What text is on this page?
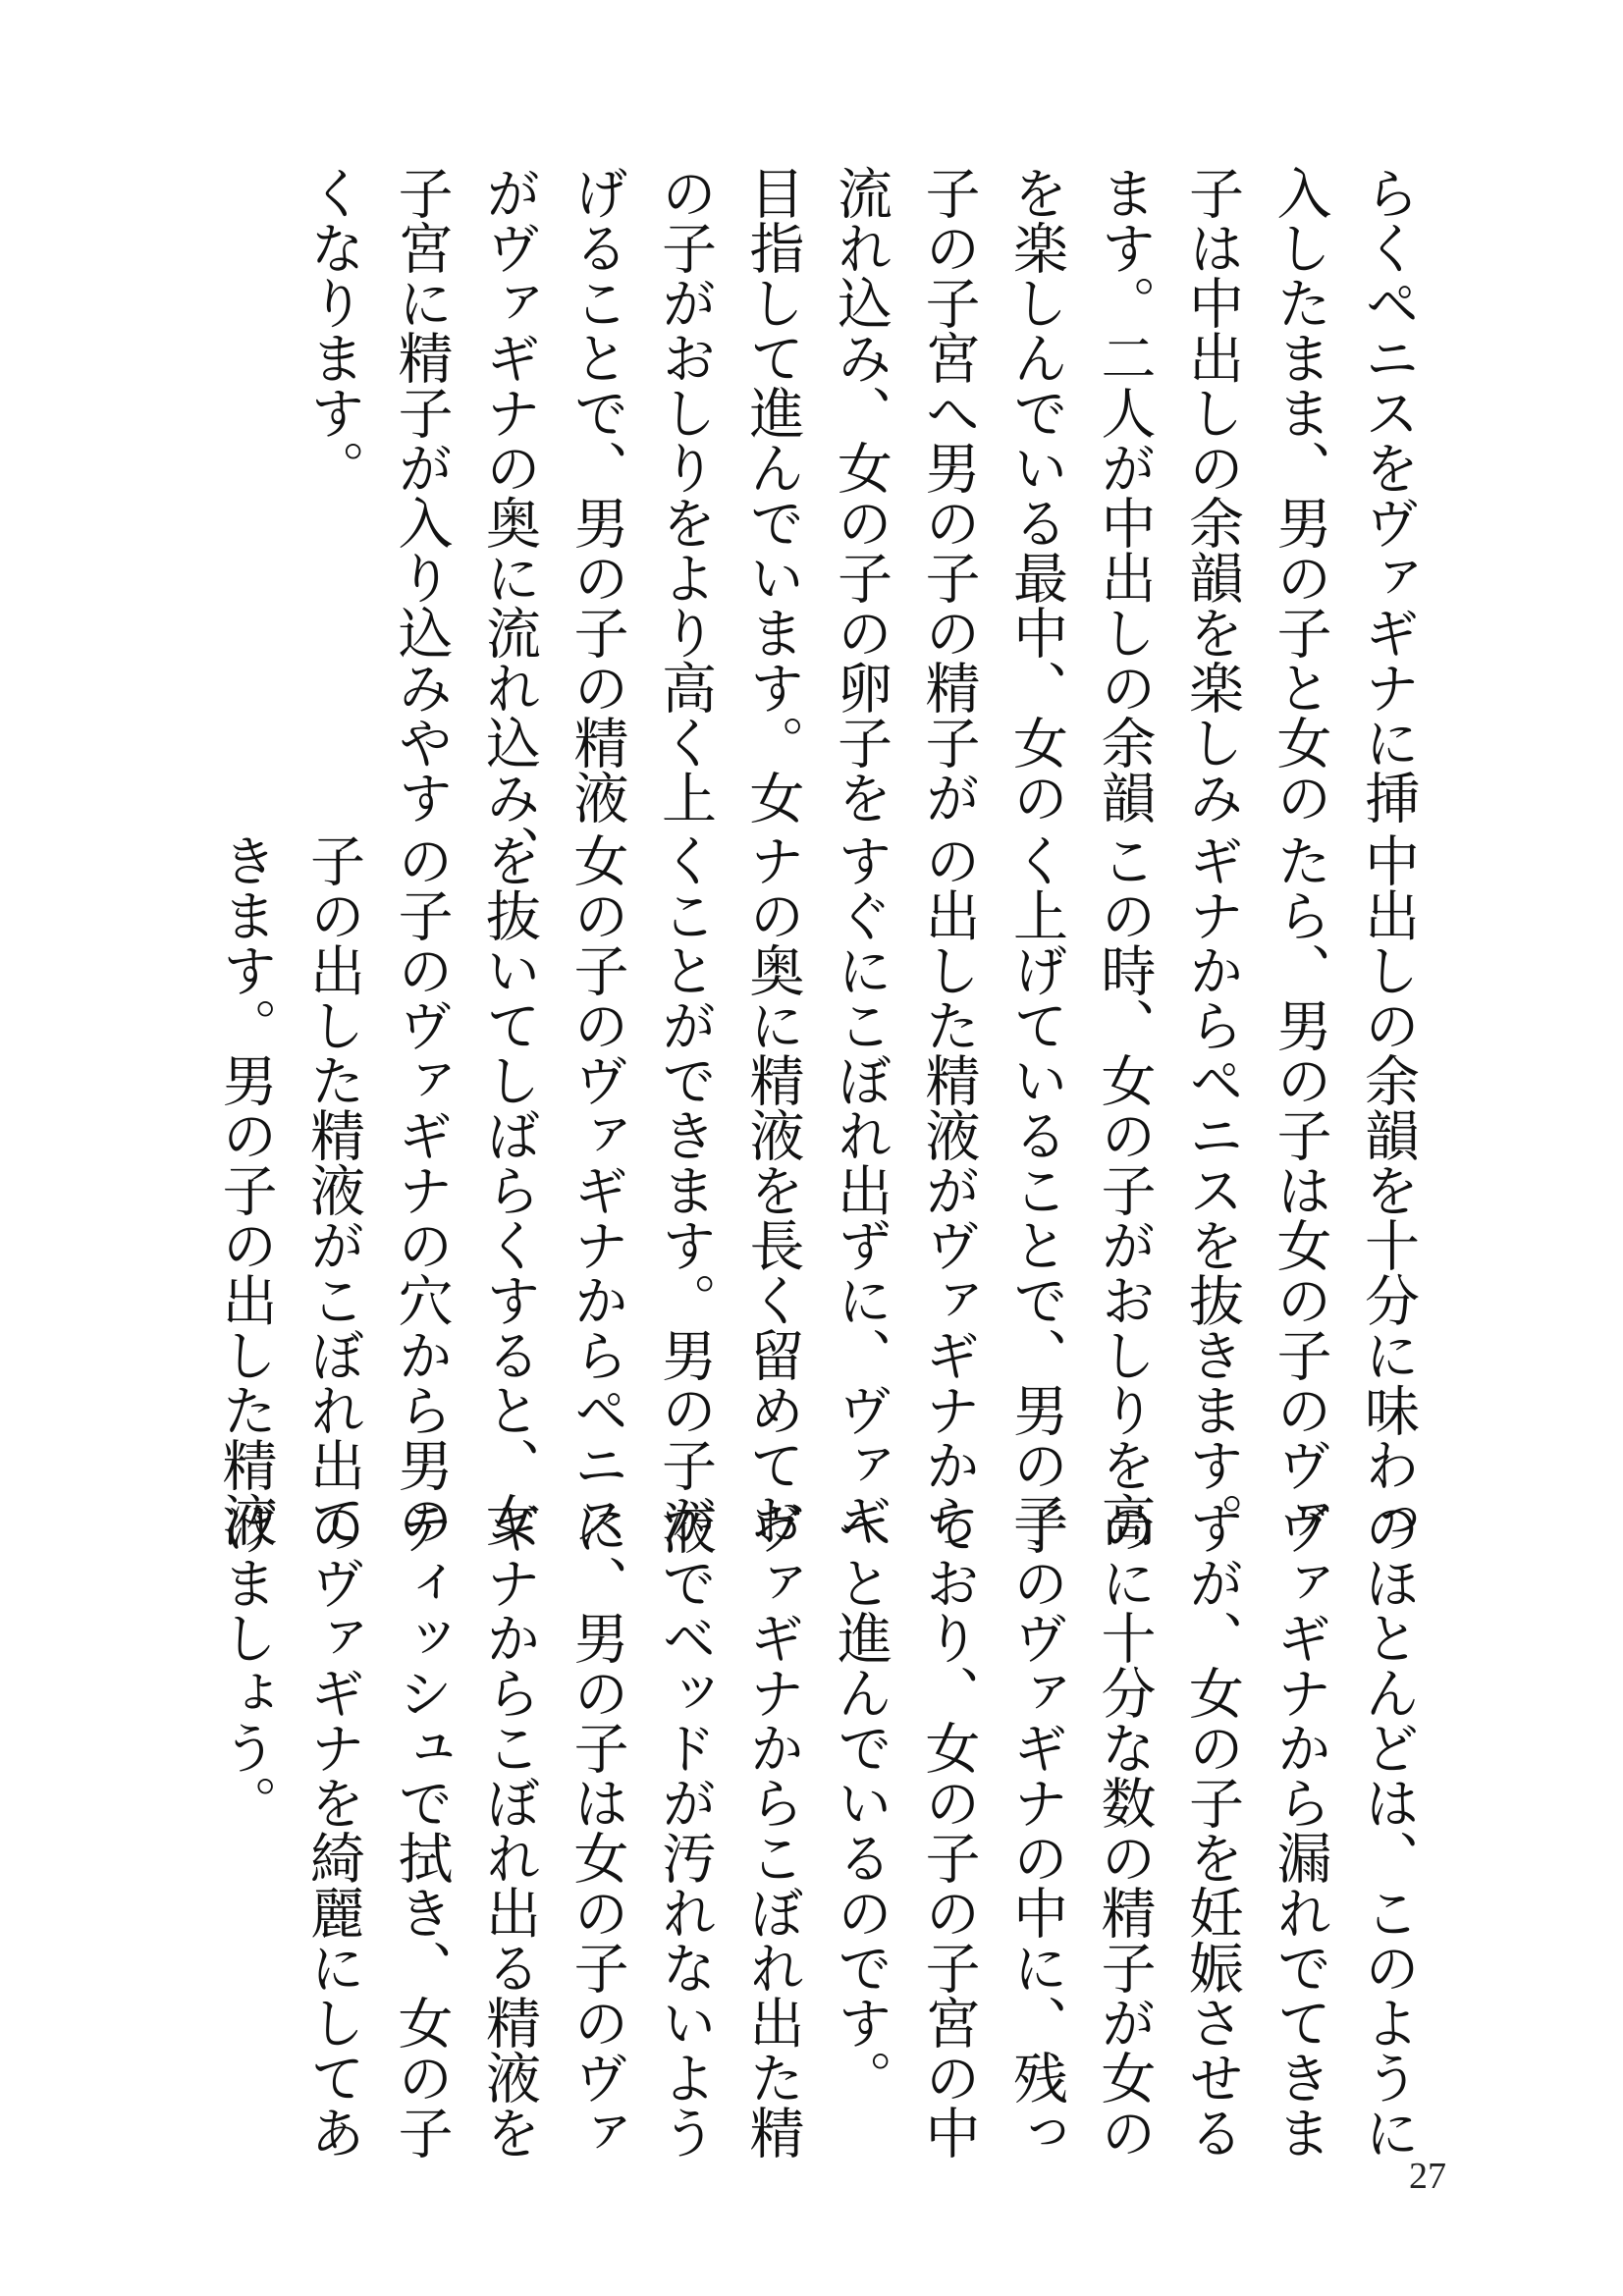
らくペニスをヴァギナに挿
入したまま、男の子と女の
子は中出しの余韻を楽しみ
ます。二人が中出しの余韻
を楽しんでいる最中、女の
子の子宮へ男の子の精子が
流れ込み、女の子の卵子を
目指して進んでいます。女
の子がおしりをより高く上
げることで、男の子の精液
がヴァギナの奥に流れ込み、
子宮に精子が入り込みやす
くなります。
中出しの余韻を十分に味わっ
たら、男の子は女の子のヴァ
ギナからペニスを抜きます。
この時、女の子がおしりを高
く上げていることで、男の子
の出した精液がヴァギナから
すぐにこぼれ出ずに、ヴァギ
ナの奥に精液を長く留めてお
くことができます。男の子が
女の子のヴァギナからペニス
を抜いてしばらくすると、女
の子のヴァギナの穴から男の
子の出した精液がこぼれ出て
きます。男の子の出した精液
のほとんどは、このように
ヴァギナから漏れでてきま
すが、女の子を妊娠させる
のに十分な数の精子が女の
子のヴァギナの中に、残っ
ており、女の子の子宮の中
へと進んでいるのです。
ヴァギナからこぼれ出た精
液でベッドが汚れないよう
に、男の子は女の子のヴァ
ギナからこぼれ出る精液を
ティッシュで拭き、女の子
のヴァギナを綺麗にしてあ
げましょう。
27
